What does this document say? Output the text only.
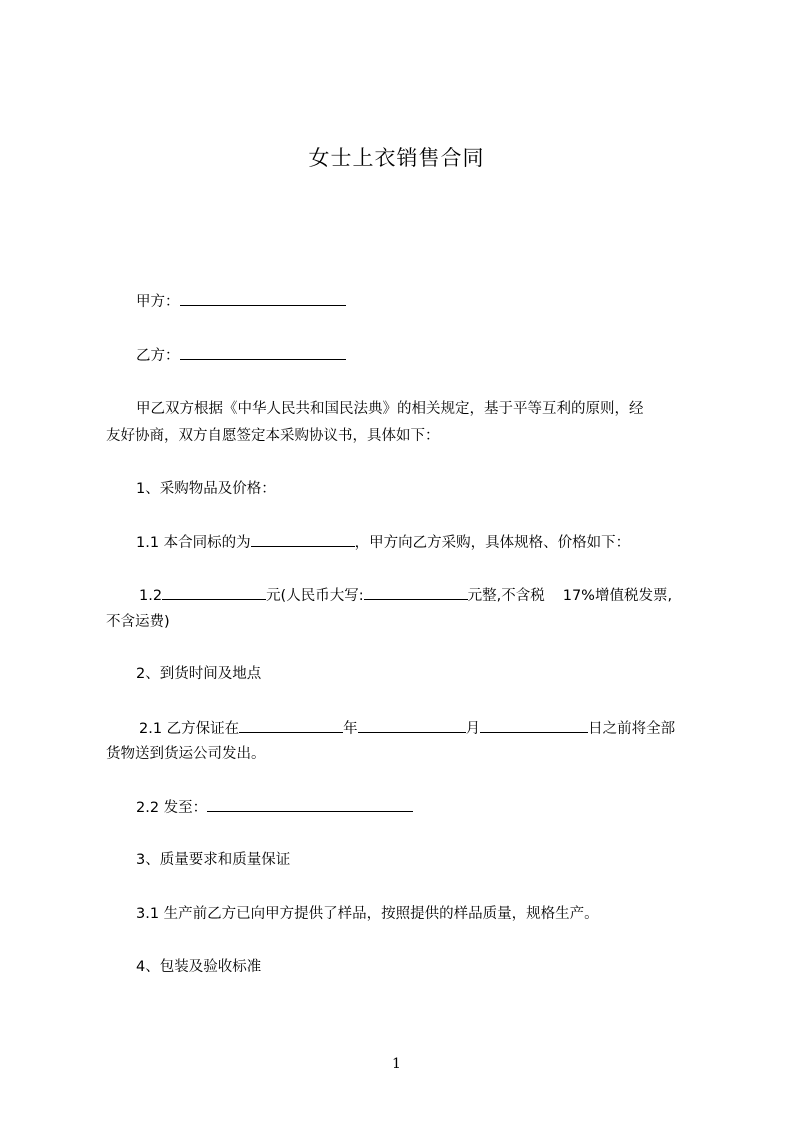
女士上衣销售合同
甲方：
乙方：
甲乙双方根据《中华人民共和国民法典》的相关规定，基于平等互利的原则，经
友好协商，双方自愿签定本采购协议书，具体如下：
1、采购物品及价格：
1.1 本合同标的为	，甲方向乙方采购，具体规格、价格如下：
1.2	元(人民币大写:	元整,不含税 17%增值税发票,
不含运费)
2、到货时间及地点
2.1 乙方保证在	年	月	日之前将全部
货物送到货运公司发出。
2.2 发至：
3、质量要求和质量保证
3.1 生产前乙方已向甲方提供了样品，按照提供的样品质量，规格生产。
4、包装及验收标准
1
